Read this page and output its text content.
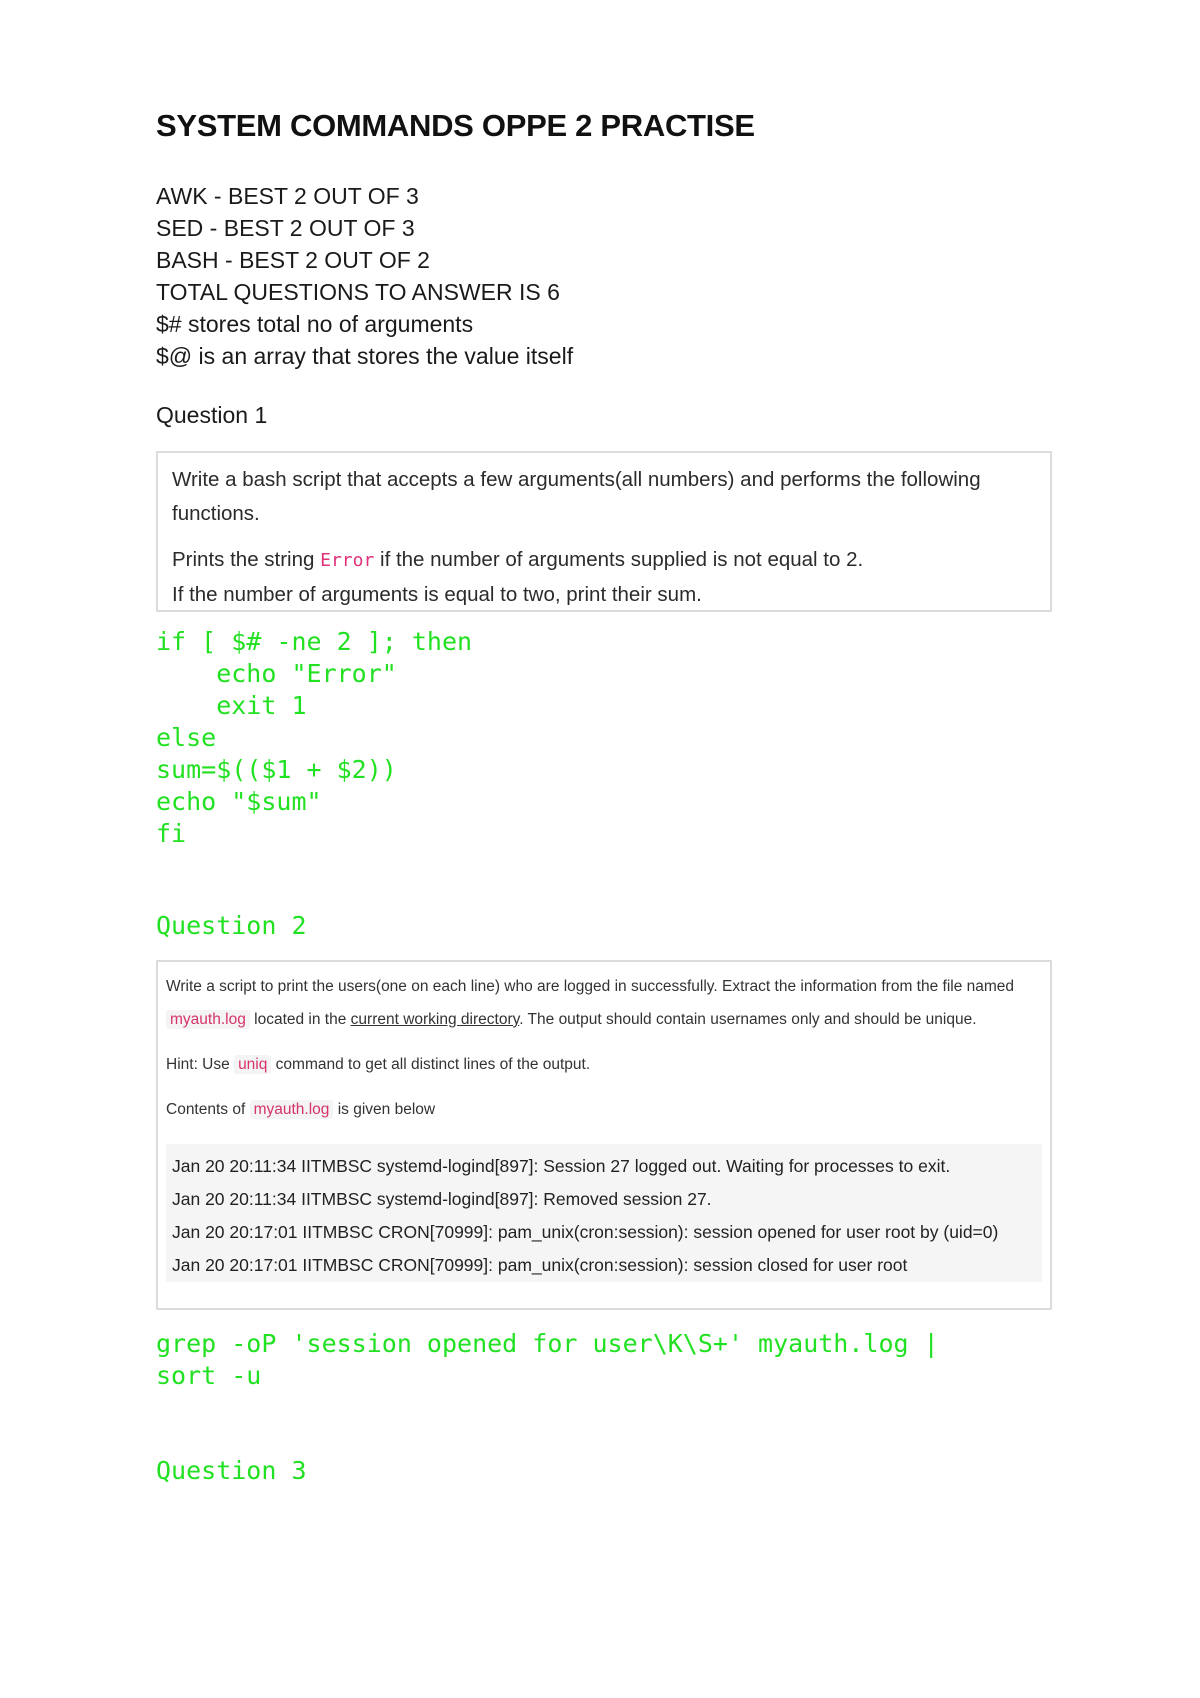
SYSTEM COMMANDS OPPE 2 PRACTISE
AWK - BEST 2 OUT OF 3
SED - BEST 2 OUT OF 3
BASH - BEST 2 OUT OF 2
TOTAL QUESTIONS TO ANSWER IS 6
$# stores total no of arguments
$@ is an array that stores the value itself
Question 1

Write a bash script that accepts a few arguments(all numbers) and performs the following functions.

Prints the string Error if the number of arguments supplied is not equal to 2.

If the number of arguments is equal to two, print their sum.

if [ $# -ne 2 ]; then
echo "Error"
exit 1
else
sum=$(($1 + $2))
echo "$sum"
fi
Question 2

Write a script to print the users(one on each line) who are logged in successfully. Extract the information from the file named myauth.log located in the current working directory. The output should contain usernames only and should be unique.

Hint: Use uniq command to get all distinct lines of the output.

Contents of myauth.log is given below

Jan 20 20:11:34 IITMBSC systemd-logind[897]: Session 27 logged out. Waiting for processes to exit.
Jan 20 20:11:34 IITMBSC systemd-logind[897]: Removed session 27.
Jan 20 20:17:01 IITMBSC CRON[70999]: pam_unix(cron:session): session opened for user root by (uid=0)
Jan 20 20:17:01 IITMBSC CRON[70999]: pam_unix(cron:session): session closed for user root
grep -oP 'session opened for user\K\S+' myauth.log |
sort -u
Question 3
